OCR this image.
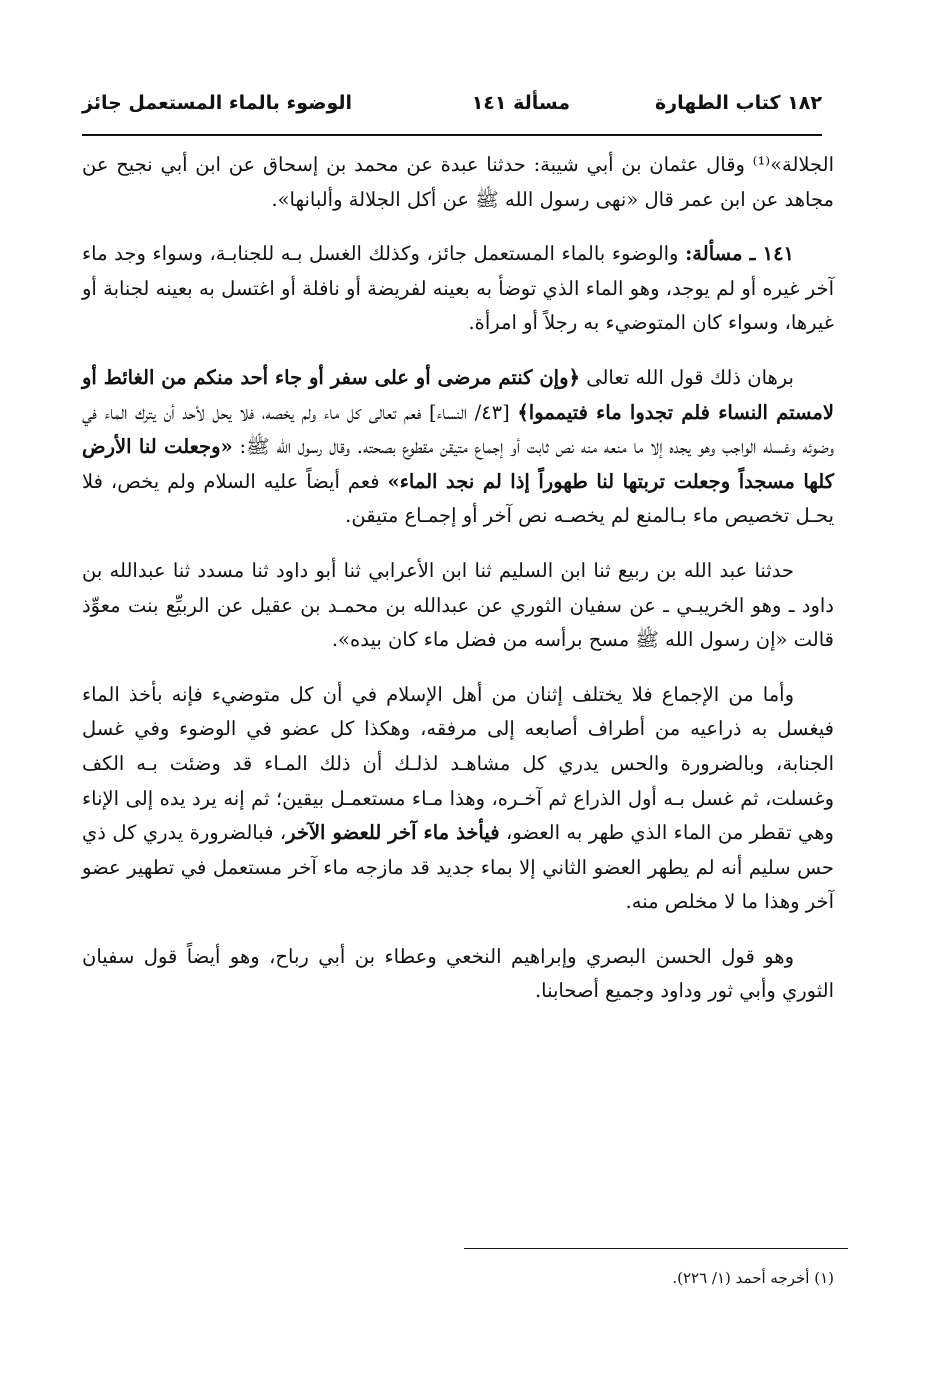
١٨٢ كتاب الطهارة
مسألة ١٤١
الوضوء بالماء المستعمل جائز

الجلالة»⁽¹⁾ وقال عثمان بن أبي شيبة: حدثنا عبدة عن محمد بن إسحاق عن ابن أبي نجيح عن مجاهد عن ابن عمر قال «نهى رسول الله ﷺ عن أكل الجلالة وألبانها».

١٤١ ـ مسألة: والوضوء بالماء المستعمل جائز، وكذلك الغسل بـه للجنابـة، وسواء وجد ماء آخر غيره أو لم يوجد، وهو الماء الذي توضأ به بعينه لفريضة أو نافلة أو اغتسل به بعينه لجنابة أو غيرها، وسواء كان المتوضيء به رجلاً أو امرأة.

برهان ذلك قول الله تعالى ﴿وإن كنتم مرضى أو على سفر أو جاء أحد منكم من الغائط أو لامستم النساء فلم تجدوا ماء فتيمموا﴾ [٤٣/ النساء] فعم تعالى كل ماء ولم يخصه، فلا يحل لأحد أن يترك الماء في وضوئه وغسله الواجب وهو يجده إلا ما منعه منه نص ثابت أو إجماع متيقن مقطوع بصحته. وقال رسول الله ﷺ: «وجعلت لنا الأرض كلها مسجداً وجعلت تربتها لنا طهوراً إذا لم نجد الماء» فعم أيضاً عليه السلام ولم يخص، فلا يحـل تخصيص ماء بـالمنع لم يخصـه نص آخر أو إجمـاع متيقن.

حدثنا عبد الله بن ربيع ثنا ابن السليم ثنا ابن الأعرابي ثنا أبو داود ثنا مسدد ثنا عبدالله بن داود ـ وهو الخريبـي ـ عن سفيان الثوري عن عبدالله بن محمـد بن عقيل عن الربيِّع بنت معوِّذ قالت «إن رسول الله ﷺ مسح برأسه من فضل ماء كان بيده».

وأما من الإجماع فلا يختلف إثنان من أهل الإسلام في أن كل متوضيء فإنه بأخذ الماء فيغسل به ذراعيه من أطراف أصابعه إلى مرفقه، وهكذا كل عضو في الوضوء وفي غسل الجنابة، وبالضرورة والحس يدري كل مشاهـد لذلـك أن ذلك المـاء قد وضئت بـه الكف وغسلت، ثم غسل بـه أول الذراع ثم آخـره، وهذا مـاء مستعمـل بيقين؛ ثم إنه يرد يده إلى الإناء وهي تقطر من الماء الذي طهر به العضو، فيأخذ ماء آخر للعضو الآخر، فبالضرورة يدري كل ذي حس سليم أنه لم يطهر العضو الثاني إلا بماء جديد قد مازجه ماء آخر مستعمل في تطهير عضو آخر وهذا ما لا مخلص منه.

وهو قول الحسن البصري وإبراهيم النخعي وعطاء بن أبي رباح، وهو أيضاً قول سفيان الثوري وأبي ثور وداود وجميع أصحابنا.

(١) أخرجه أحمد (١/ ٢٢٦).
